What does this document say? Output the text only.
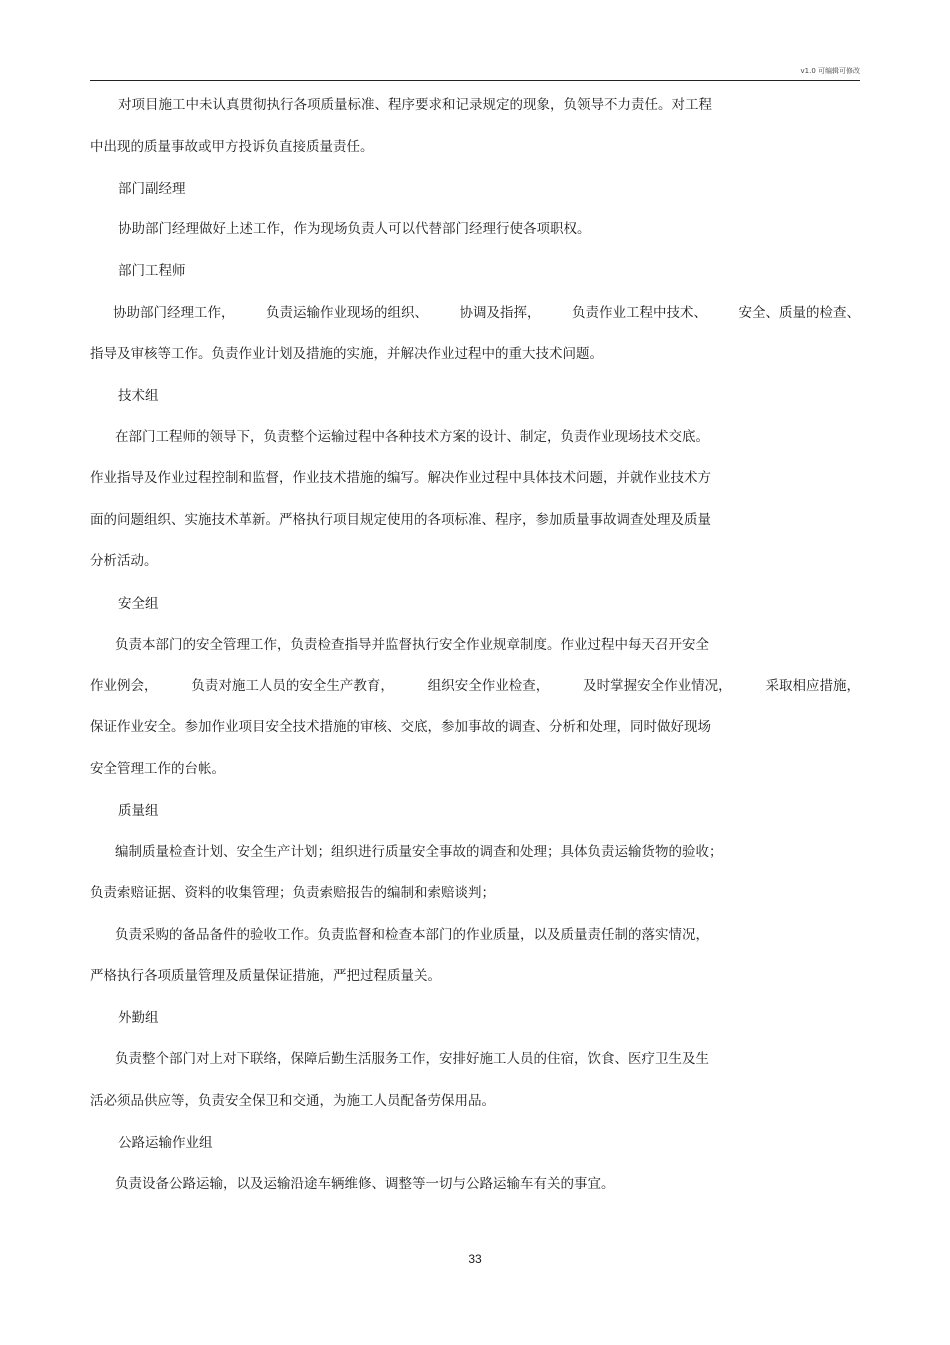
v1.0 可编辑可修改
对项目施工中未认真贯彻执行各项质量标准、程序要求和记录规定的现象，负领导不力责任。对工程
中出现的质量事故或甲方投诉负直接质量责任。
部门副经理
协助部门经理做好上述工作，作为现场负责人可以代替部门经理行使各项职权。
部门工程师
协助部门经理工作， 负责运输作业现场的组织、 协调及指挥， 负责作业工程中技术、 安全、质量的检查、
指导及审核等工作。负责作业计划及措施的实施，并解决作业过程中的重大技术问题。
技术组
在部门工程师的领导下，负责整个运输过程中各种技术方案的设计、制定，负责作业现场技术交底。
作业指导及作业过程控制和监督，作业技术措施的编写。解决作业过程中具体技术问题，并就作业技术方
面的问题组织、实施技术革新。严格执行项目规定使用的各项标准、程序，参加质量事故调查处理及质量
分析活动。
安全组
负责本部门的安全管理工作，负责检查指导并监督执行安全作业规章制度。作业过程中每天召开安全
作业例会，	负责对施工人员的安全生产教育，	组织安全作业检查，	及时掌握安全作业情况，	采取相应措施，
保证作业安全。参加作业项目安全技术措施的审核、交底，参加事故的调查、分析和处理，同时做好现场
安全管理工作的台帐。
质量组
编制质量检查计划、安全生产计划；组织进行质量安全事故的调查和处理；具体负责运输货物的验收；
负责索赔证据、资料的收集管理；负责索赔报告的编制和索赔谈判；
负责采购的备品备件的验收工作。负责监督和检查本部门的作业质量，以及质量责任制的落实情况，
严格执行各项质量管理及质量保证措施，严把过程质量关。
外勤组
负责整个部门对上对下联络，保障后勤生活服务工作，安排好施工人员的住宿，饮食、医疗卫生及生
活必须品供应等，负责安全保卫和交通，为施工人员配备劳保用品。
公路运输作业组
负责设备公路运输，以及运输沿途车辆维修、调整等一切与公路运输车有关的事宜。
33
